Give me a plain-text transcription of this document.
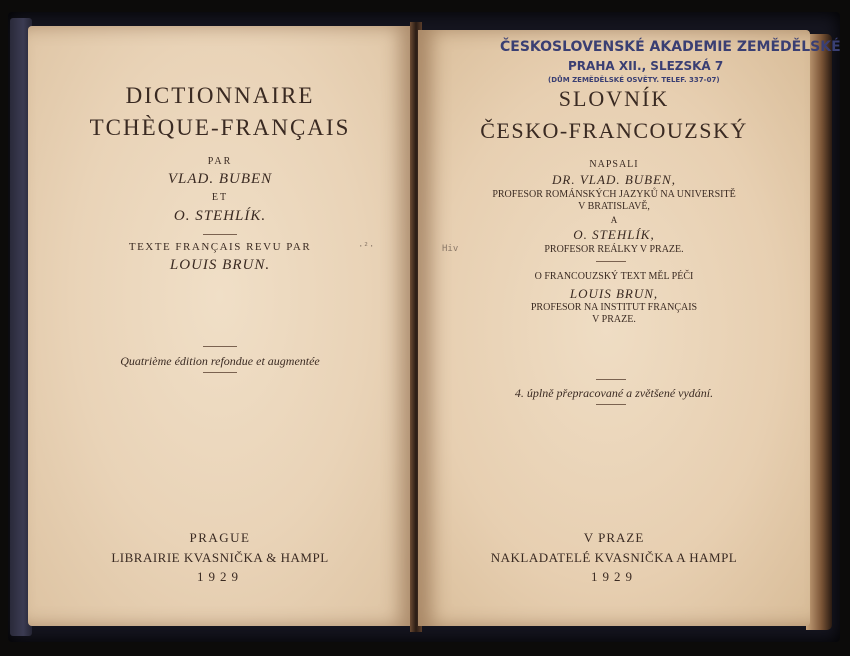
DICTIONNAIRE
TCHÈQUE-FRANÇAIS
PAR
VLAD. BUBEN
ET
O. STEHLÍK.
TEXTE FRANÇAIS REVU PAR
LOUIS BRUN.
Quatrième édition refondue et augmentée
PRAGUE
LIBRAIRIE KVASNIČKA & HAMPL
1929
·²·
ČESKOSLOVENSKÉ AKADEMIE ZEMĚDĚLSKÉ
PRAHA XII., SLEZSKÁ 7
(DŮM ZEMĚDĚLSKÉ OSVĚTY. TELEF. 337-07)
SLOVNÍK
ČESKO-FRANCOUZSKÝ
NAPSALI
DR. VLAD. BUBEN,
PROFESOR ROMÁNSKÝCH JAZYKŮ NA UNIVERSITĚ
V BRATISLAVĚ,
A
O. STEHLÍK,
PROFESOR REÁLKY V PRAZE.
O FRANCOUZSKÝ TEXT MĚL PÉČI
LOUIS BRUN,
PROFESOR NA INSTITUT FRANÇAIS
V PRAZE.
4. úplně přepracované a zvětšené vydání.
V PRAZE
NAKLADATELÉ KVASNIČKA A HAMPL
1929
Hiv
